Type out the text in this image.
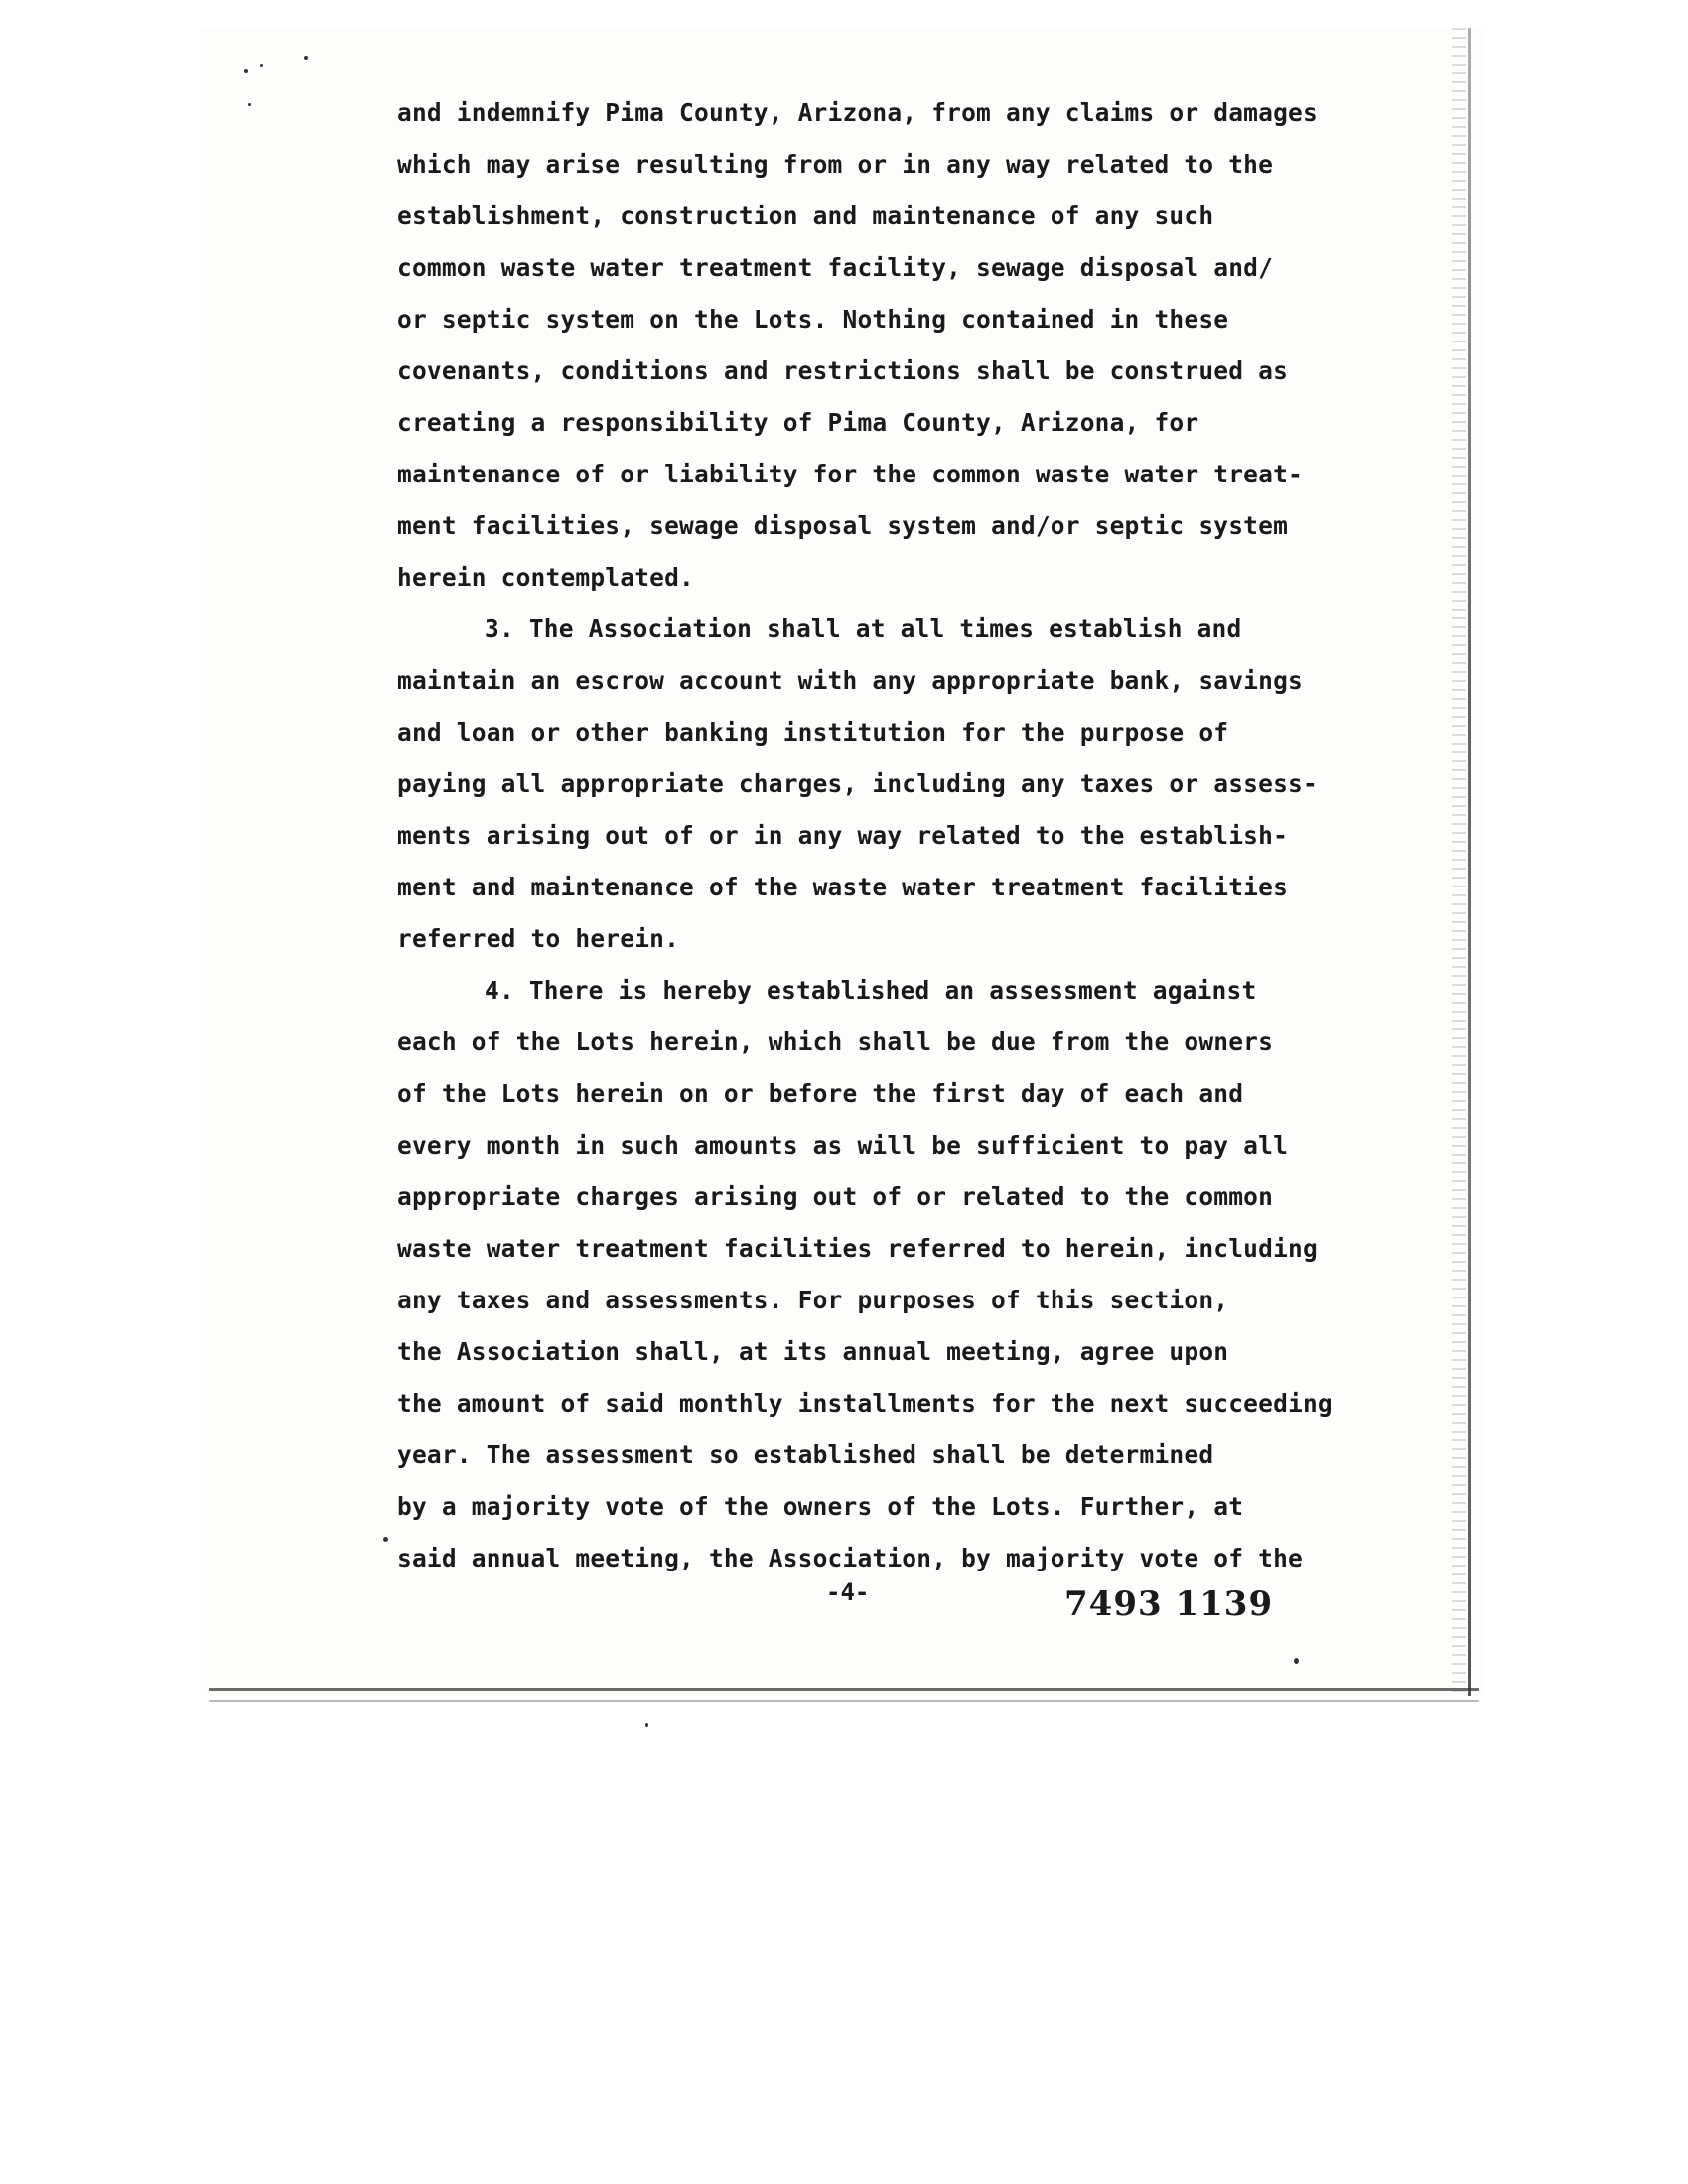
and indemnify Pima County, Arizona, from any claims or damages
which may arise resulting from or in any way related to the
establishment, construction and maintenance of any such
common waste water treatment facility, sewage disposal and/
or septic system on the Lots. Nothing contained in these
covenants, conditions and restrictions shall be construed as
creating a responsibility of Pima County, Arizona, for
maintenance of or liability for the common waste water treat-
ment facilities, sewage disposal system and/or septic system
herein contemplated.
3. The Association shall at all times establish and
maintain an escrow account with any appropriate bank, savings
and loan or other banking institution for the purpose of
paying all appropriate charges, including any taxes or assess-
ments arising out of or in any way related to the establish-
ment and maintenance of the waste water treatment facilities
referred to herein.
4. There is hereby established an assessment against
each of the Lots herein, which shall be due from the owners
of the Lots herein on or before the first day of each and
every month in such amounts as will be sufficient to pay all
appropriate charges arising out of or related to the common
waste water treatment facilities referred to herein, including
any taxes and assessments. For purposes of this section,
the Association shall, at its annual meeting, agree upon
the amount of said monthly installments for the next succeeding
year. The assessment so established shall be determined
by a majority vote of the owners of the Lots. Further, at
said annual meeting, the Association, by majority vote of the
-4-	7493 1139
